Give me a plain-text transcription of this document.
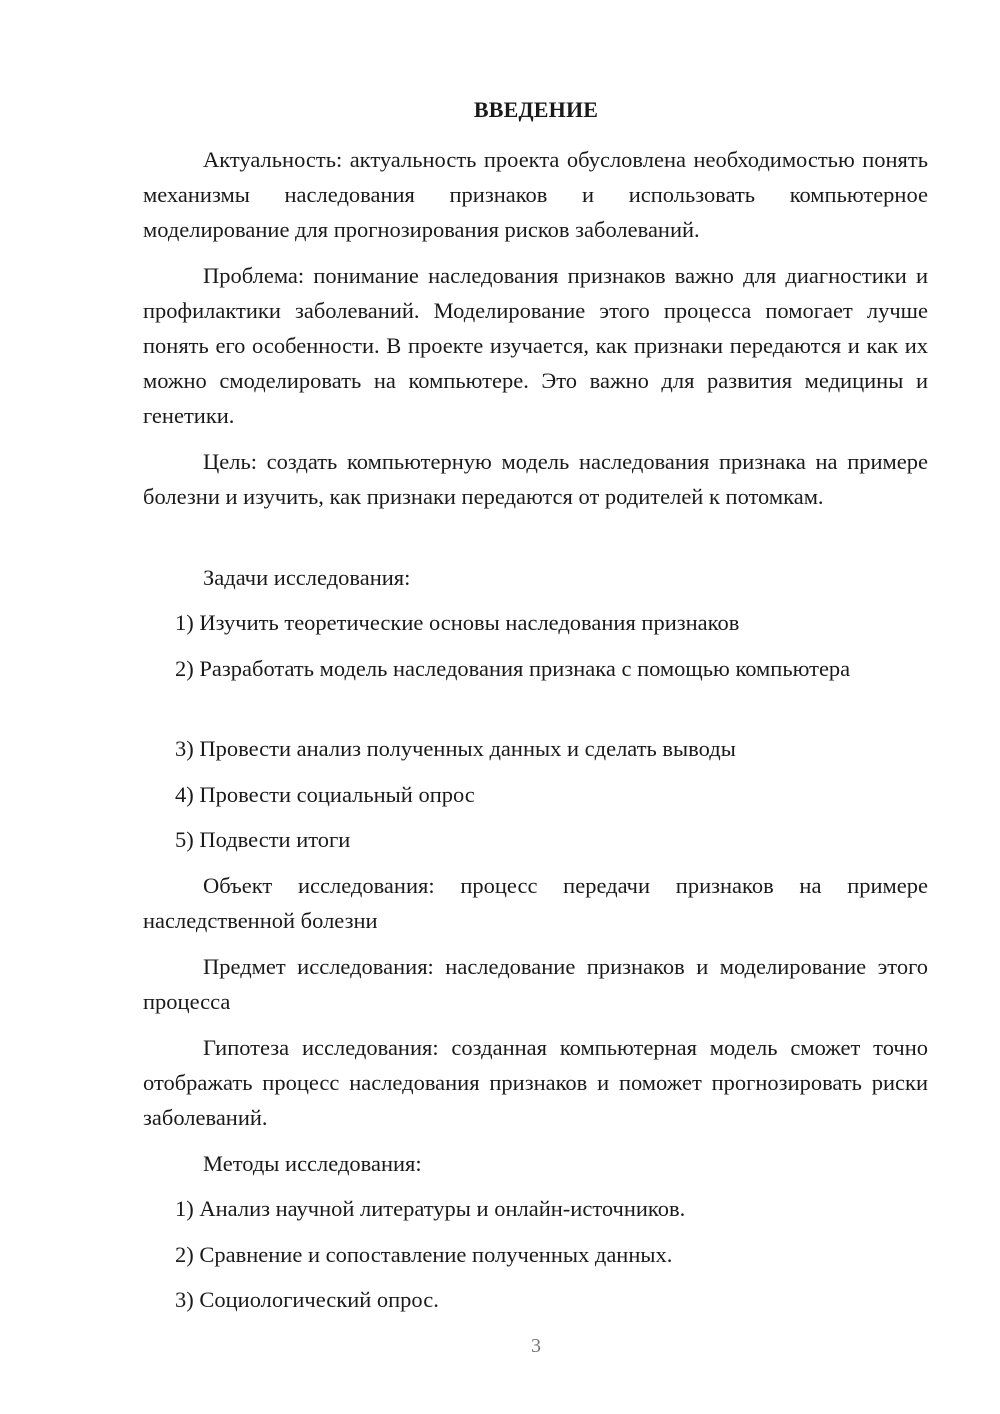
ВВЕДЕНИЕ

Актуальность: актуальность проекта обусловлена необходимостью понять механизмы наследования признаков и использовать компьютерное моделирование для прогнозирования рисков заболеваний.

Проблема: понимание наследования признаков важно для диагностики и профилактики заболеваний. Моделирование этого процесса помогает лучше понять его особенности. В проекте изучается, как признаки передаются и как их можно смоделировать на компьютере. Это важно для развития медицины и генетики.

Цель: создать компьютерную модель наследования признака на примере болезни и изучить, как признаки передаются от родителей к потомкам.

Задачи исследования:

1) Изучить теоретические основы наследования признаков

2) Разработать модель наследования признака с помощью компьютера

3) Провести анализ полученных данных и сделать выводы

4) Провести социальный опрос

5) Подвести итоги

Объект исследования: процесс передачи признаков на примере наследственной болезни

Предмет исследования: наследование признаков и моделирование этого процесса

Гипотеза исследования: созданная компьютерная модель сможет точно отображать процесс наследования признаков и поможет прогнозировать риски заболеваний.

Методы исследования:

1) Анализ научной литературы и онлайн-источников.

2) Сравнение и сопоставление полученных данных.

3) Социологический опрос.

3
